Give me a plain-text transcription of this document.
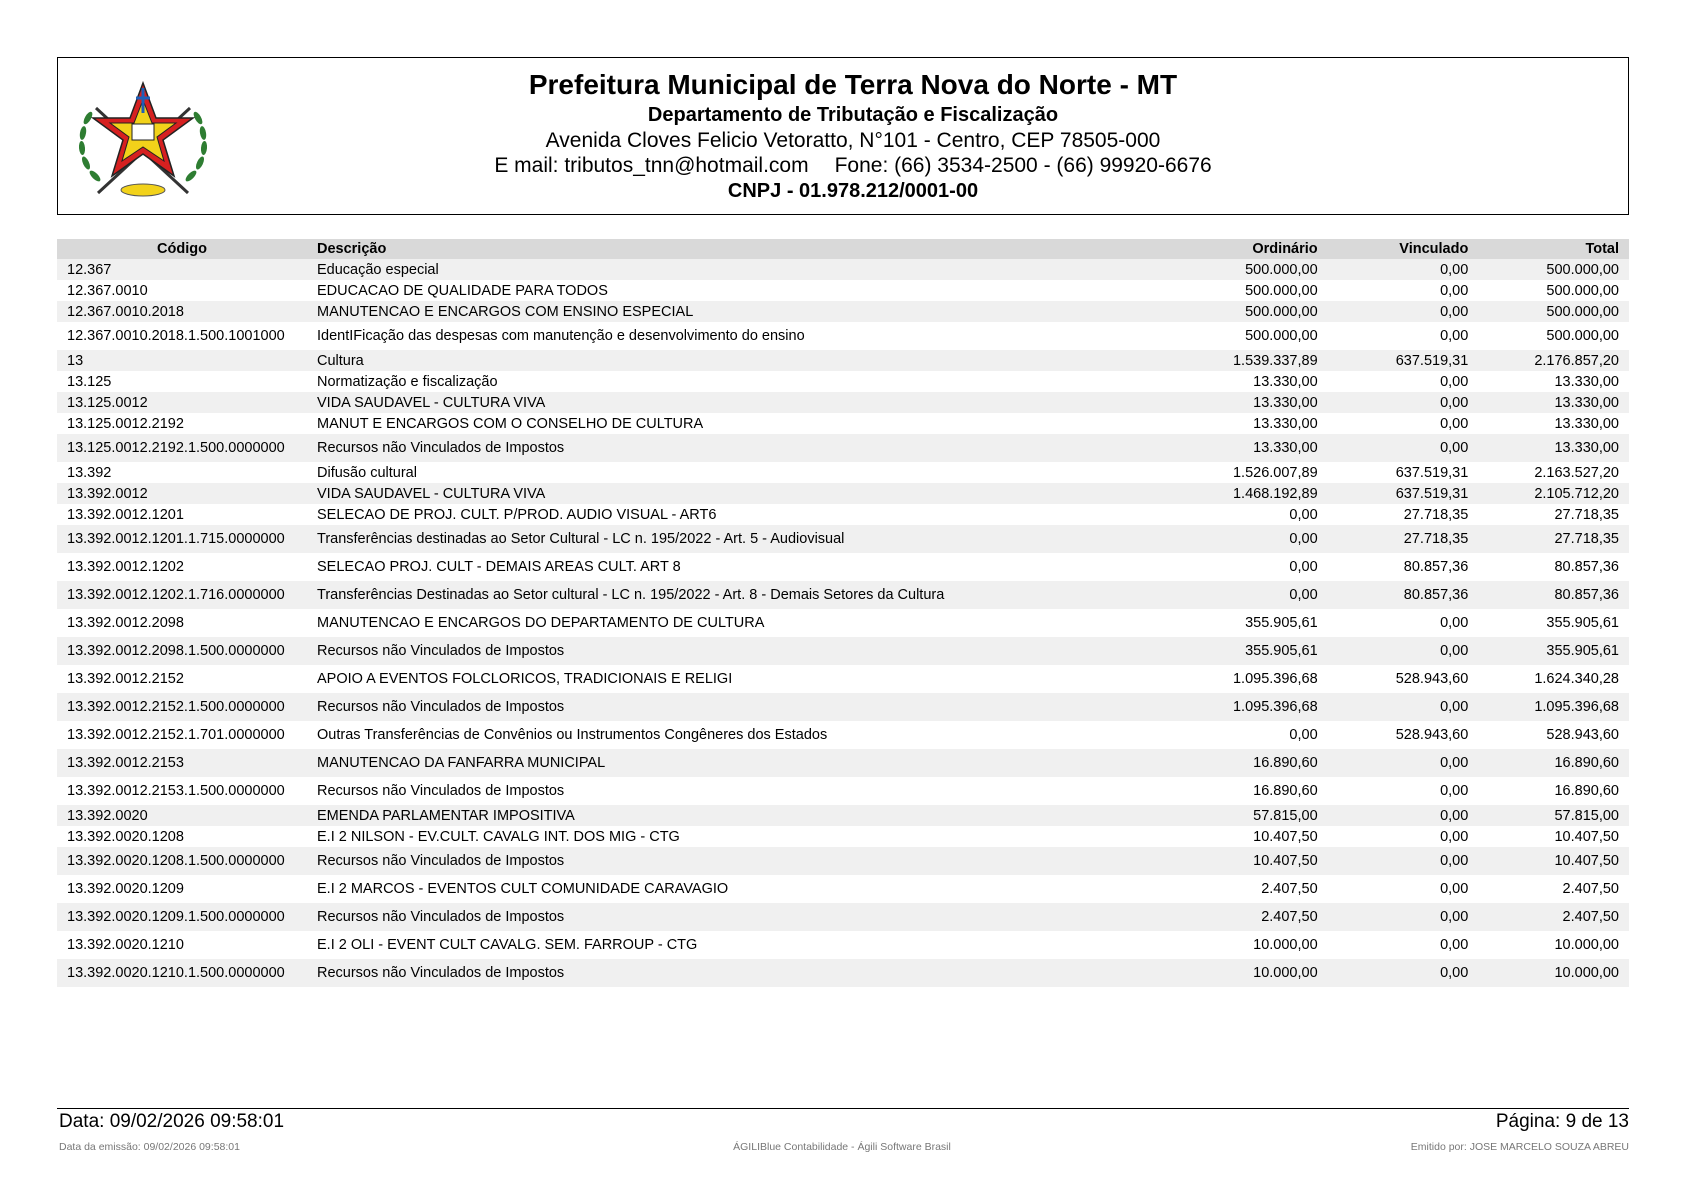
Prefeitura Municipal de Terra Nova do Norte - MT
Departamento de Tributação e Fiscalização
Avenida Cloves Felicio Vetoratto, N°101 - Centro, CEP 78505-000
E mail: tributos_tnn@hotmail.com Fone: (66) 3534-2500 - (66) 99920-6676
CNPJ - 01.978.212/0001-00
Código	Descrição	Ordinário	Vinculado	Total
12.367	Educação especial	500.000,00	0,00	500.000,00
12.367.0010	EDUCACAO DE QUALIDADE PARA TODOS	500.000,00	0,00	500.000,00
12.367.0010.2018	MANUTENCAO E ENCARGOS COM ENSINO ESPECIAL	500.000,00	0,00	500.000,00
12.367.0010.2018.1.500.1001000	IdentIFicação das despesas com manutenção e desenvolvimento do ensino	500.000,00	0,00	500.000,00
13	Cultura	1.539.337,89	637.519,31	2.176.857,20
13.125	Normatização e fiscalização	13.330,00	0,00	13.330,00
13.125.0012	VIDA SAUDAVEL - CULTURA VIVA	13.330,00	0,00	13.330,00
13.125.0012.2192	MANUT E ENCARGOS COM O CONSELHO DE CULTURA	13.330,00	0,00	13.330,00
13.125.0012.2192.1.500.0000000	Recursos não Vinculados de Impostos	13.330,00	0,00	13.330,00
13.392	Difusão cultural	1.526.007,89	637.519,31	2.163.527,20
13.392.0012	VIDA SAUDAVEL - CULTURA VIVA	1.468.192,89	637.519,31	2.105.712,20
13.392.0012.1201	SELECAO DE PROJ. CULT. P/PROD. AUDIO VISUAL - ART6	0,00	27.718,35	27.718,35
13.392.0012.1201.1.715.0000000	Transferências destinadas ao Setor Cultural - LC n. 195/2022 - Art. 5 - Audiovisual	0,00	27.718,35	27.718,35
13.392.0012.1202	SELECAO PROJ. CULT - DEMAIS AREAS CULT. ART 8	0,00	80.857,36	80.857,36
13.392.0012.1202.1.716.0000000	Transferências Destinadas ao Setor cultural - LC n. 195/2022 - Art. 8 - Demais Setores da Cultura	0,00	80.857,36	80.857,36
13.392.0012.2098	MANUTENCAO E ENCARGOS DO DEPARTAMENTO DE CULTURA	355.905,61	0,00	355.905,61
13.392.0012.2098.1.500.0000000	Recursos não Vinculados de Impostos	355.905,61	0,00	355.905,61
13.392.0012.2152	APOIO A EVENTOS FOLCLORICOS, TRADICIONAIS E RELIGI	1.095.396,68	528.943,60	1.624.340,28
13.392.0012.2152.1.500.0000000	Recursos não Vinculados de Impostos	1.095.396,68	0,00	1.095.396,68
13.392.0012.2152.1.701.0000000	Outras Transferências de Convênios ou Instrumentos Congêneres dos Estados	0,00	528.943,60	528.943,60
13.392.0012.2153	MANUTENCAO DA FANFARRA MUNICIPAL	16.890,60	0,00	16.890,60
13.392.0012.2153.1.500.0000000	Recursos não Vinculados de Impostos	16.890,60	0,00	16.890,60
13.392.0020	EMENDA PARLAMENTAR IMPOSITIVA	57.815,00	0,00	57.815,00
13.392.0020.1208	E.I 2 NILSON - EV.CULT. CAVALG INT. DOS MIG - CTG	10.407,50	0,00	10.407,50
13.392.0020.1208.1.500.0000000	Recursos não Vinculados de Impostos	10.407,50	0,00	10.407,50
13.392.0020.1209	E.I 2 MARCOS - EVENTOS CULT COMUNIDADE CARAVAGIO	2.407,50	0,00	2.407,50
13.392.0020.1209.1.500.0000000	Recursos não Vinculados de Impostos	2.407,50	0,00	2.407,50
13.392.0020.1210	E.I 2 OLI - EVENT CULT CAVALG. SEM. FARROUP - CTG	10.000,00	0,00	10.000,00
13.392.0020.1210.1.500.0000000	Recursos não Vinculados de Impostos	10.000,00	0,00	10.000,00
Data: 09/02/2026 09:58:01	Página: 9 de 13
Data da emissão: 09/02/2026 09:58:01	ÁGILIBlue Contabilidade - Ágili Software Brasil	Emitido por: JOSE MARCELO SOUZA ABREU
